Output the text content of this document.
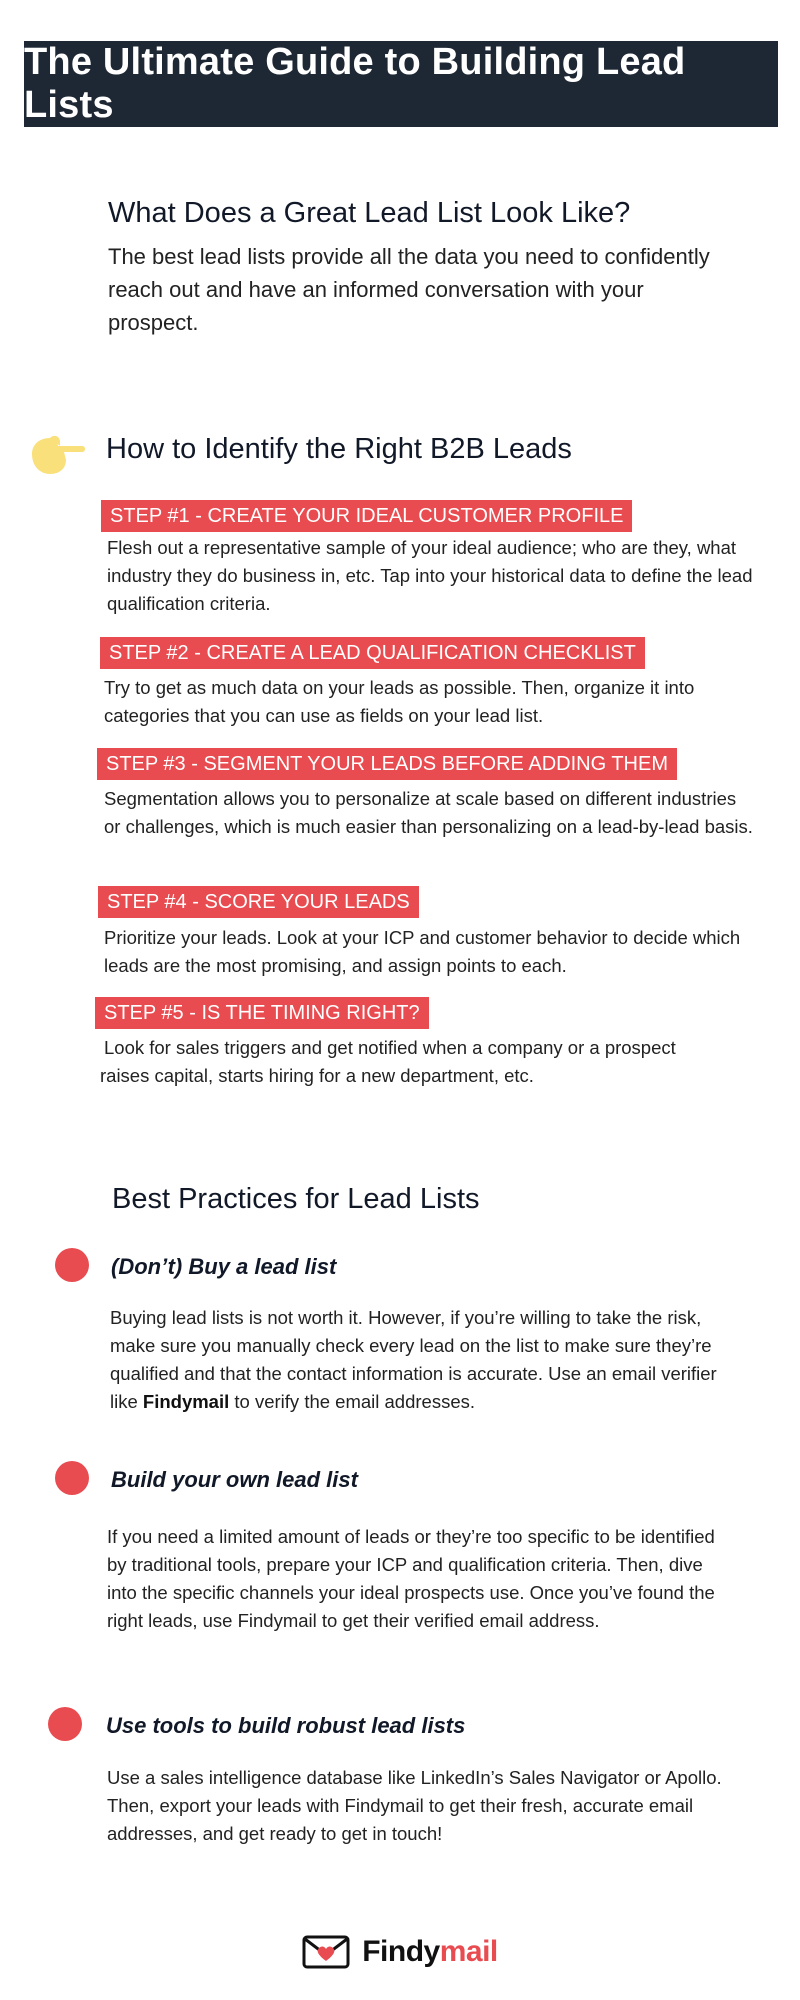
The Ultimate Guide to Building Lead Lists
What Does a Great Lead List Look Like?

The best lead lists provide all the data you need to confidently reach out and have an informed conversation with your prospect.

How to Identify the Right B2B Leads
STEP #1 - CREATE YOUR IDEAL CUSTOMER PROFILE

Flesh out a representative sample of your ideal audience; who are they, what industry they do business in, etc. Tap into your historical data to define the lead qualification criteria.

STEP #2 - CREATE A LEAD QUALIFICATION CHECKLIST

Try to get as much data on your leads as possible. Then, organize it into categories that you can use as fields on your lead list.

STEP #3 - SEGMENT YOUR LEADS BEFORE ADDING THEM

Segmentation allows you to personalize at scale based on different industries or challenges, which is much easier than personalizing on a lead-by-lead basis.

STEP #4 - SCORE YOUR LEADS

Prioritize your leads. Look at your ICP and customer behavior to decide which leads are the most promising, and assign points to each.

STEP #5 - IS THE TIMING RIGHT?

Look for sales triggers and get notified when a company or a prospect raises capital, starts hiring for a new department, etc.

Best Practices for Lead Lists
(Don’t) Buy a lead list

Buying lead lists is not worth it. However, if you’re willing to take the risk, make sure you manually check every lead on the list to make sure they’re qualified and that the contact information is accurate. Use an email verifier like Findymail to verify the email addresses.

Build your own lead list

If you need a limited amount of leads or they’re too specific to be identified by traditional tools, prepare your ICP and qualification criteria. Then, dive into the specific channels your ideal prospects use. Once you’ve found the right leads, use Findymail to get their verified email address.

Use tools to build robust lead lists

Use a sales intelligence database like LinkedIn’s Sales Navigator or Apollo. Then, export your leads with Findymail to get their fresh, accurate email addresses, and get ready to get in touch!

Findymail
